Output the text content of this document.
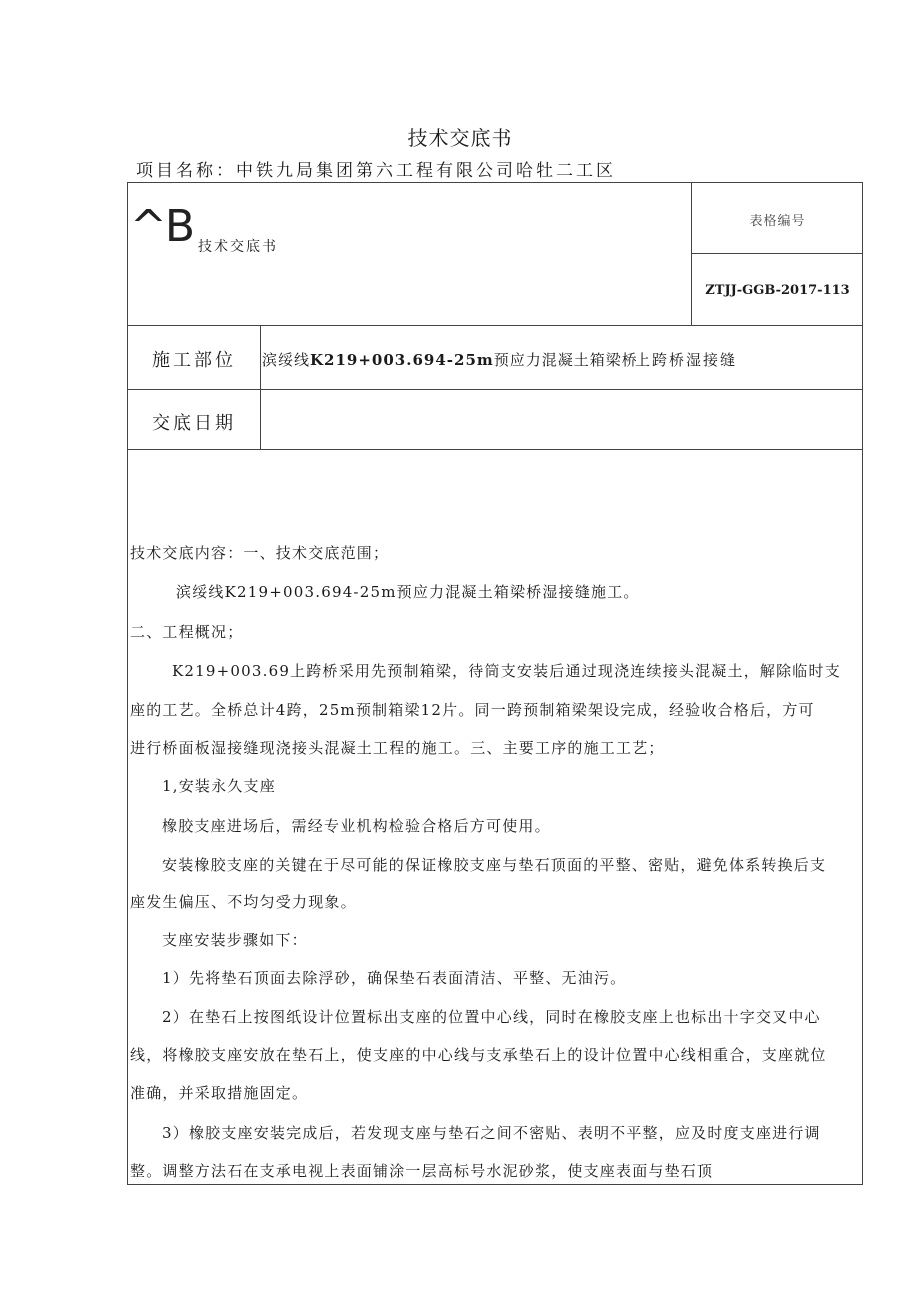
技术交底书
项目名称：中铁九局集团第六工程有限公司哈牡二工区
^B 技术交底书
表格编号
ZTJJ-GGB-2017-113
施工部位	滨绥线K219+003.694-25m预应力混凝土箱梁桥
上跨桥湿接缝
交底日期
技术交底内容：一、技术交底范围；
滨绥线K219+003.694-25m预应力混凝土箱梁桥湿接缝施工。
二、工程概况；
K219+003.69上跨桥采用先预制箱梁，待筒支安装后通过现浇连续接头混凝土，解除临时支
座的工艺。全桥总计4跨，25m预制箱梁12片。同一跨预制箱梁架设完成，经验收合格后，方可
进行桥面板湿接缝现浇接头混凝土工程的施工。三、主要工序的施工工艺；
1,安装永久支座
橡胶支座进场后，需经专业机构检验合格后方可使用。
安装橡胶支座的关键在于尽可能的保证橡胶支座与垫石顶面的平整、密贴，避免体系转换后支
座发生偏压、不均匀受力现象。
支座安装步骤如下：
1）先将垫石顶面去除浮砂，确保垫石表面清洁、平整、无油污。
2）在垫石上按图纸设计位置标出支座的位置中心线，同时在橡胶支座上也标出十字交叉中心
线，将橡胶支座安放在垫石上，使支座的中心线与支承垫石上的设计位置中心线相重合，支座就位
准确，并采取措施固定。
3）橡胶支座安装完成后，若发现支座与垫石之间不密贴、表明不平整，应及时度支座进行调
整。调整方法石在支承电视上表面铺涂一层高标号水泥砂浆，使支座表面与垫石顶
